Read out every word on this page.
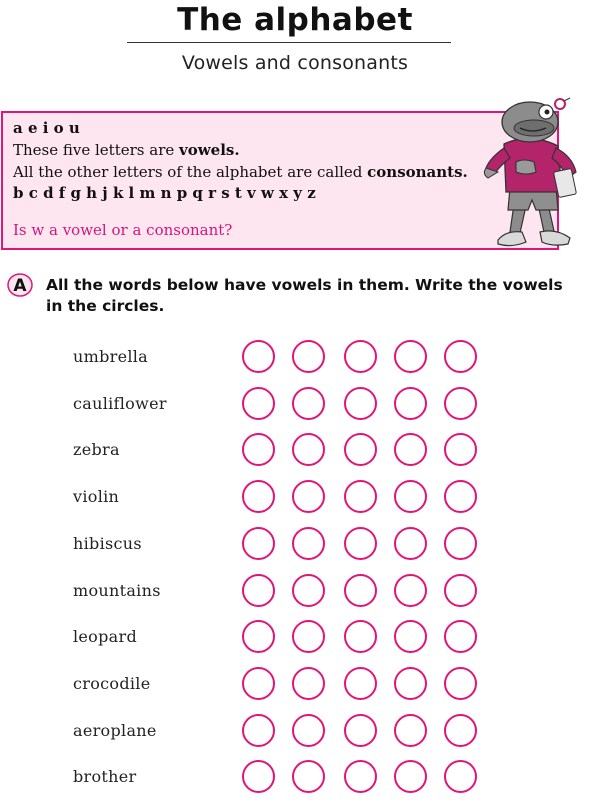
The alphabet
Vowels and consonants
a e i o u
These five letters are vowels.
All the other letters of the alphabet are called consonants.
b c d f g h j k l m n p q r s t v w x y z
Is w a vowel or a consonant?
A All the words below have vowels in them. Write the vowels in the circles.
umbrella
cauliflower
zebra
violin
hibiscus
mountains
leopard
crocodile
aeroplane
brother
